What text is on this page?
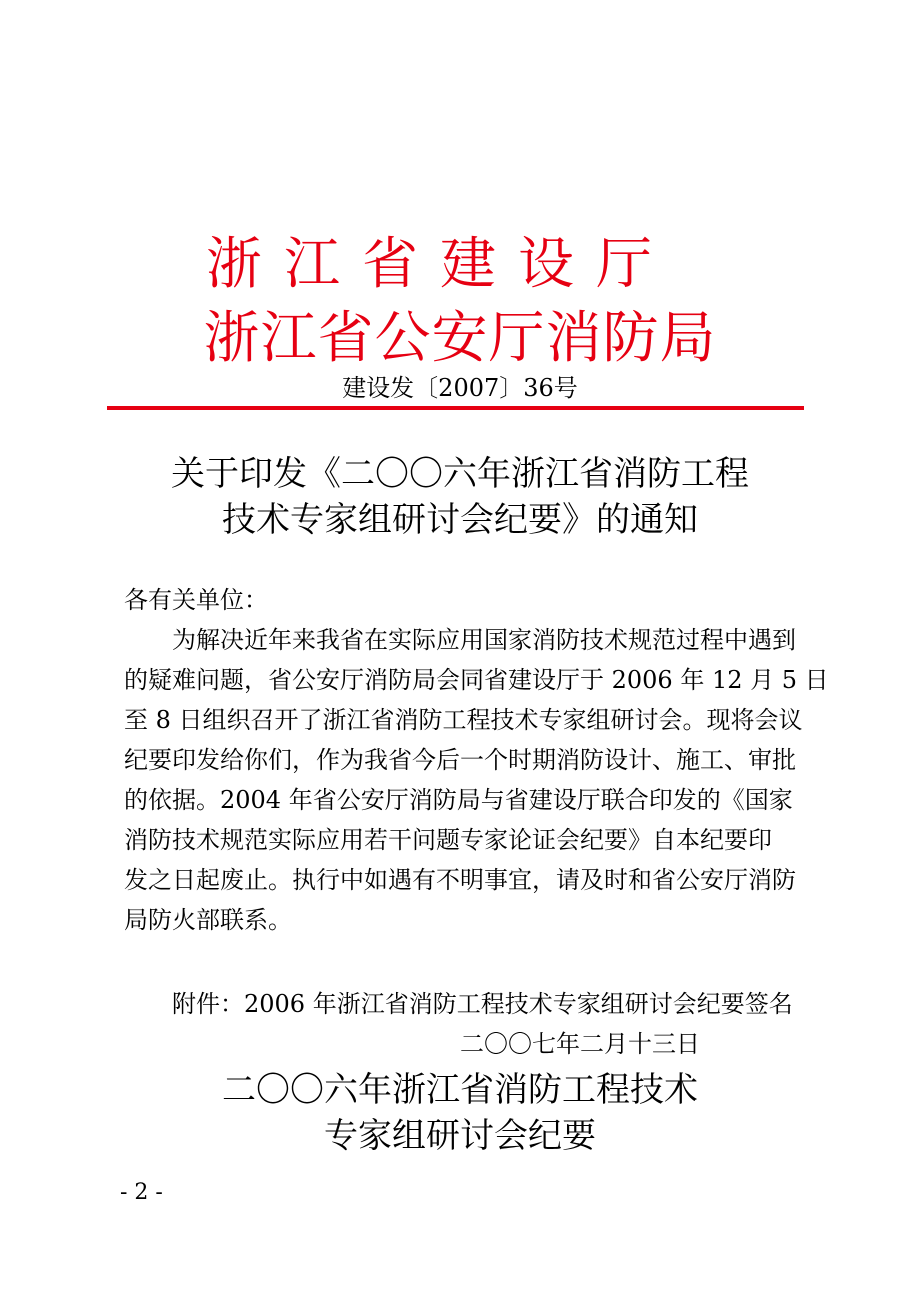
浙江省建设厅
浙江省公安厅消防局
建设发〔2007〕36号
关于印发《二〇〇六年浙江省消防工程
技术专家组研讨会纪要》的通知
各有关单位：
为解决近年来我省在实际应用国家消防技术规范过程中遇到
的疑难问题，省公安厅消防局会同省建设厅于 2006 年 12 月 5 日
至 8 日组织召开了浙江省消防工程技术专家组研讨会。现将会议
纪要印发给你们，作为我省今后一个时期消防设计、施工、审批
的依据。2004 年省公安厅消防局与省建设厅联合印发的《国家
消防技术规范实际应用若干问题专家论证会纪要》自本纪要印
发之日起废止。执行中如遇有不明事宜，请及时和省公安厅消防
局防火部联系。
附件：2006 年浙江省消防工程技术专家组研讨会纪要签名
二〇〇七年二月十三日
二〇〇六年浙江省消防工程技术
专家组研讨会纪要
- 2 -
